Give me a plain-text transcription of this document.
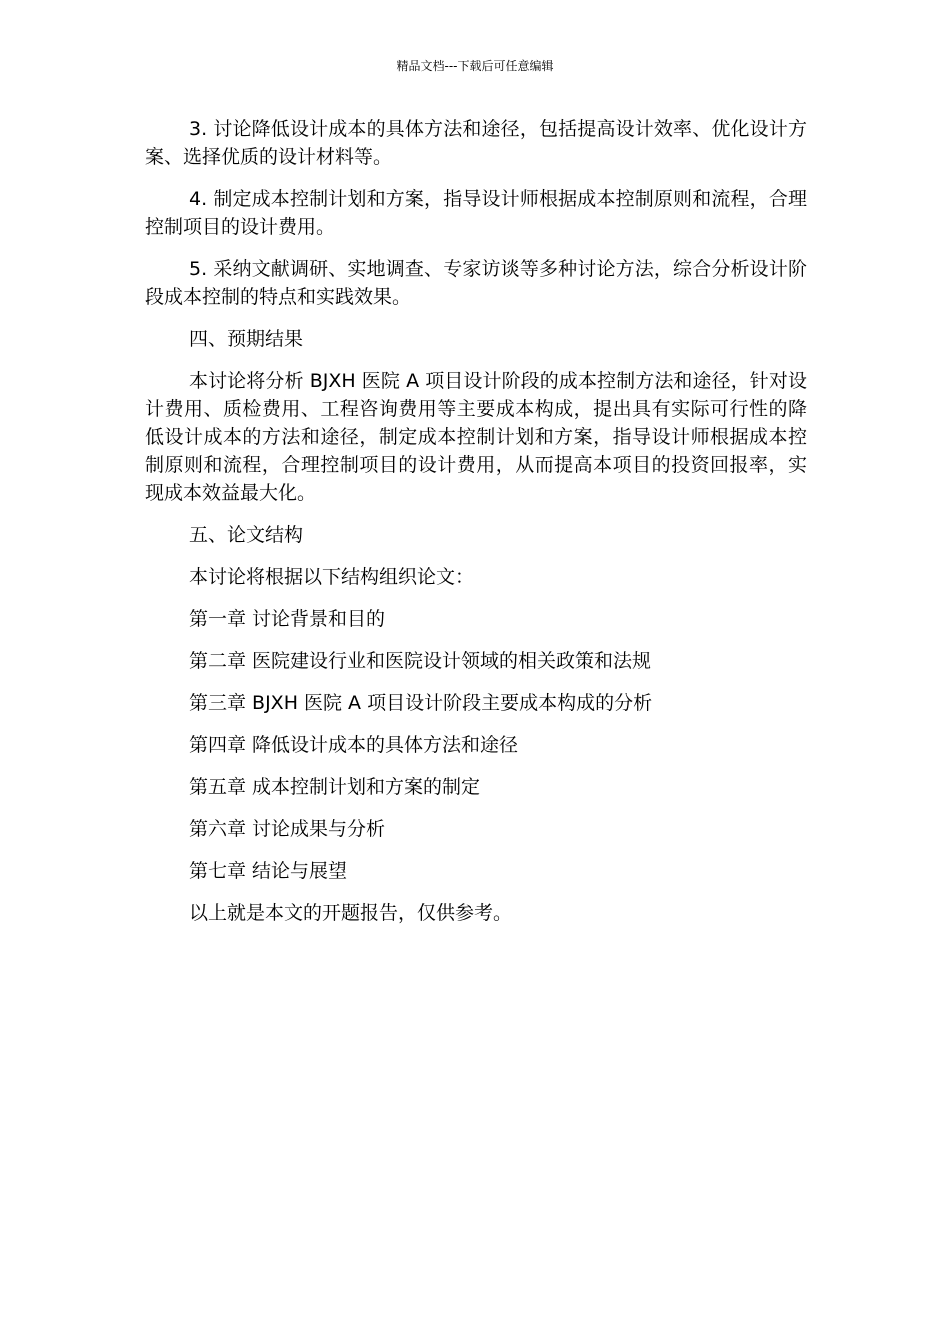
精品文档---下载后可任意编辑

3. 讨论降低设计成本的具体方法和途径，包括提高设计效率、优化设计方案、选择优质的设计材料等。

4. 制定成本控制计划和方案，指导设计师根据成本控制原则和流程，合理控制项目的设计费用。

5. 采纳文献调研、实地调查、专家访谈等多种讨论方法，综合分析设计阶段成本控制的特点和实践效果。

四、预期结果

本讨论将分析 BJXH 医院 A 项目设计阶段的成本控制方法和途径，针对设计费用、质检费用、工程咨询费用等主要成本构成，提出具有实际可行性的降低设计成本的方法和途径，制定成本控制计划和方案，指导设计师根据成本控制原则和流程，合理控制项目的设计费用，从而提高本项目的投资回报率，实现成本效益最大化。

五、论文结构

本讨论将根据以下结构组织论文：

第一章 讨论背景和目的

第二章 医院建设行业和医院设计领域的相关政策和法规

第三章 BJXH 医院 A 项目设计阶段主要成本构成的分析

第四章 降低设计成本的具体方法和途径

第五章 成本控制计划和方案的制定

第六章 讨论成果与分析

第七章 结论与展望

以上就是本文的开题报告，仅供参考。
